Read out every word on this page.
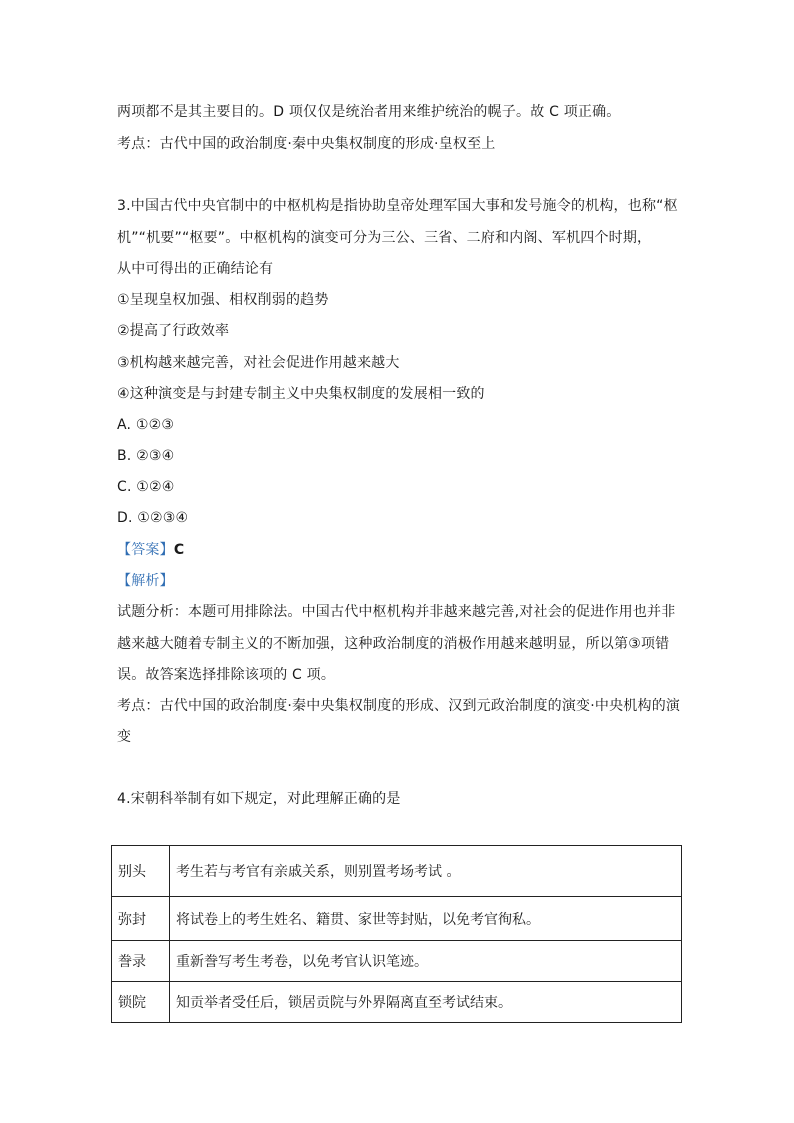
两项都不是其主要目的。D 项仅仅是统治者用来维护统治的幌子。故 C 项正确。
考点：古代中国的政治制度·秦中央集权制度的形成·皇权至上
3.中国古代中央官制中的中枢机构是指协助皇帝处理军国大事和发号施令的机构，也称“枢
机”“机要”“枢要”。中枢机构的演变可分为三公、三省、二府和内阁、军机四个时期，
从中可得出的正确结论有
①呈现皇权加强、相权削弱的趋势
②提高了行政效率
③机构越来越完善，对社会促进作用越来越大
④这种演变是与封建专制主义中央集权制度的发展相一致的
A. ①②③
B. ②③④
C. ①②④
D. ①②③④
【答案】C
【解析】
试题分析：本题可用排除法。中国古代中枢机构并非越来越完善,对社会的促进作用也并非
越来越大随着专制主义的不断加强，这种政治制度的消极作用越来越明显，所以第③项错
误。故答案选择排除该项的 C 项。
考点：古代中国的政治制度·秦中央集权制度的形成、汉到元政治制度的演变·中央机构的演
变
4.宋朝科举制有如下规定，对此理解正确的是
别头	考生若与考官有亲戚关系，则别置考场考试 。
弥封	将试卷上的考生姓名、籍贯、家世等封贴，以免考官徇私。
誊录	重新誊写考生考卷，以免考官认识笔迹。
锁院	知贡举者受任后，锁居贡院与外界隔离直至考试结束。
